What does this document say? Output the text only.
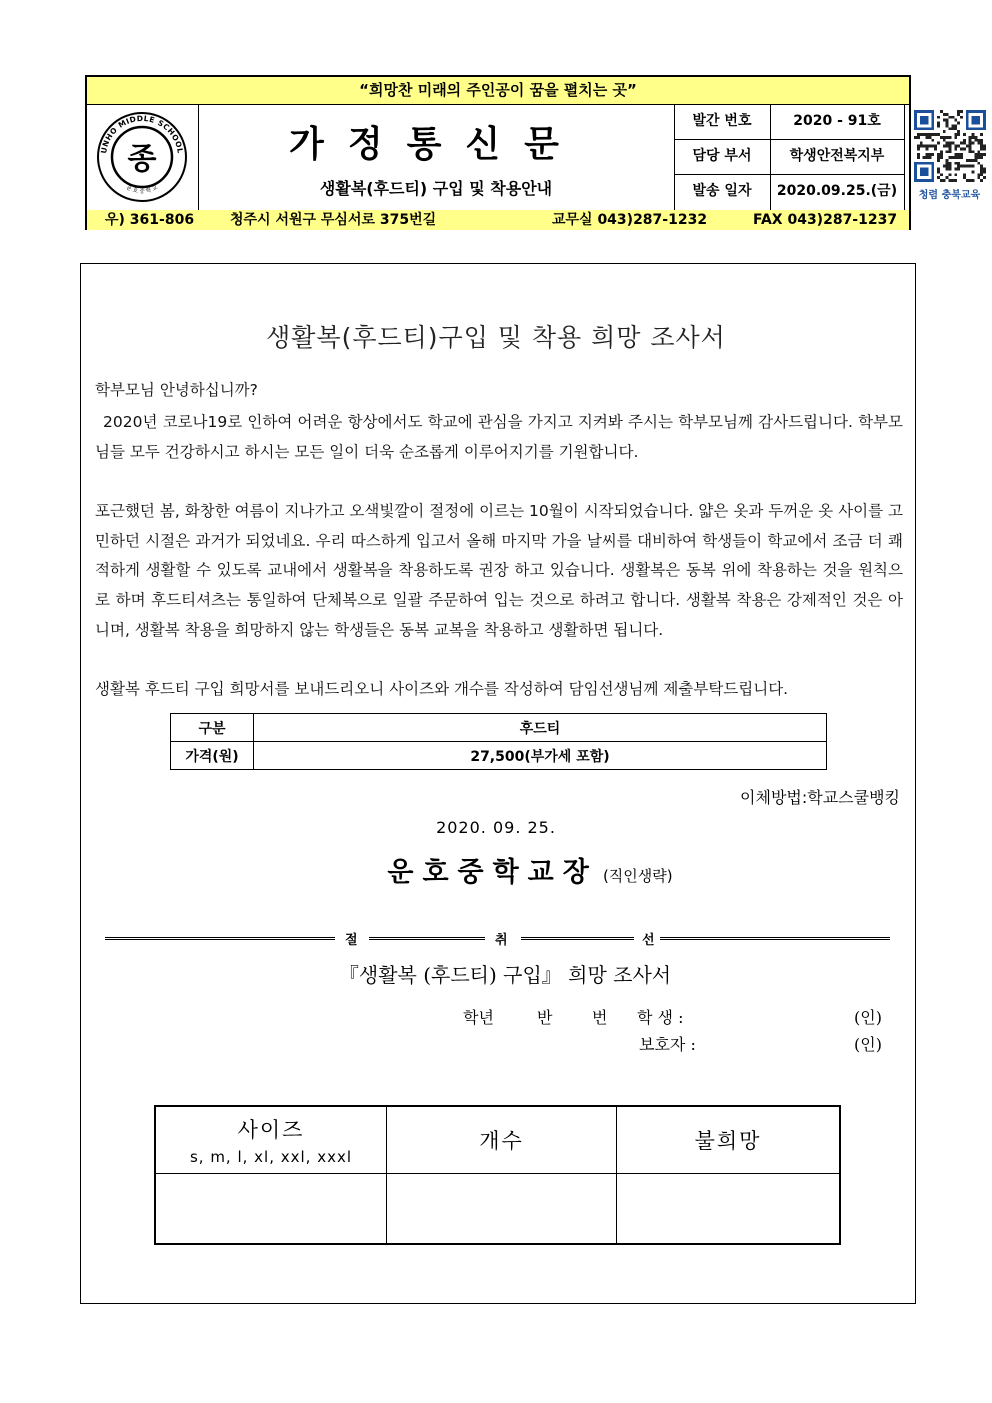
“희망찬 미래의 주인공이 꿈을 펼치는 곳”
UNHO MIDDLE SCHOOL
운 호 중 학 교
종	가정통신문
생활복(후드티) 구입 및 착용안내
발간 번호	2020 - 91호
담당 부서	학생안전복지부
발송 일자	2020.09.25.(금)	청렴 충북교육
우) 361-806	청주시 서원구 무심서로 375번길	교무실 043)287-1232	FAX 043)287-1237
생활복(후드티)구입 및 착용 희망 조사서
학부모님 안녕하십니까?
2020년 코로나19로 인하여 어려운 항상에서도 학교에 관심을 가지고 지켜봐 주시는 학부모님께 감사드립니다. 학부모님들 모두 건강하시고 하시는 모든 일이 더욱 순조롭게 이루어지기를 기원합니다.
포근했던 봄, 화창한 여름이 지나가고 오색빛깔이 절정에 이르는 10월이 시작되었습니다. 얇은 옷과 두꺼운 옷 사이를 고민하던 시절은 과거가 되었네요. 우리 따스하게 입고서 올해 마지막 가을 날씨를 대비하여 학생들이 학교에서 조금 더 쾌적하게 생활할 수 있도록 교내에서 생활복을 착용하도록 권장 하고 있습니다. 생활복은 동복 위에 착용하는 것을 원칙으로 하며 후드티셔츠는 통일하여 단체복으로 일괄 주문하여 입는 것으로 하려고 합니다. 생활복 착용은 강제적인 것은 아니며, 생활복 착용을 희망하지 않는 학생들은 동복 교복을 착용하고 생활하면 됩니다.
생활복 후드티 구입 희망서를 보내드리오니 사이즈와 개수를 작성하여 담임선생님께 제출부탁드립니다.
구분	후드티
가격(원)	27,500(부가세 포함)
이체방법:학교스쿨뱅킹
2020. 09. 25.
운호중학교장 (직인생략)
절	취	선
『생활복 (후드티) 구입』 희망 조사서
학년	반 번 학 생 :	(인)
보호자 :	(인)
사이즈
s, m, l, xl, xxl, xxxl	개수	불희망
